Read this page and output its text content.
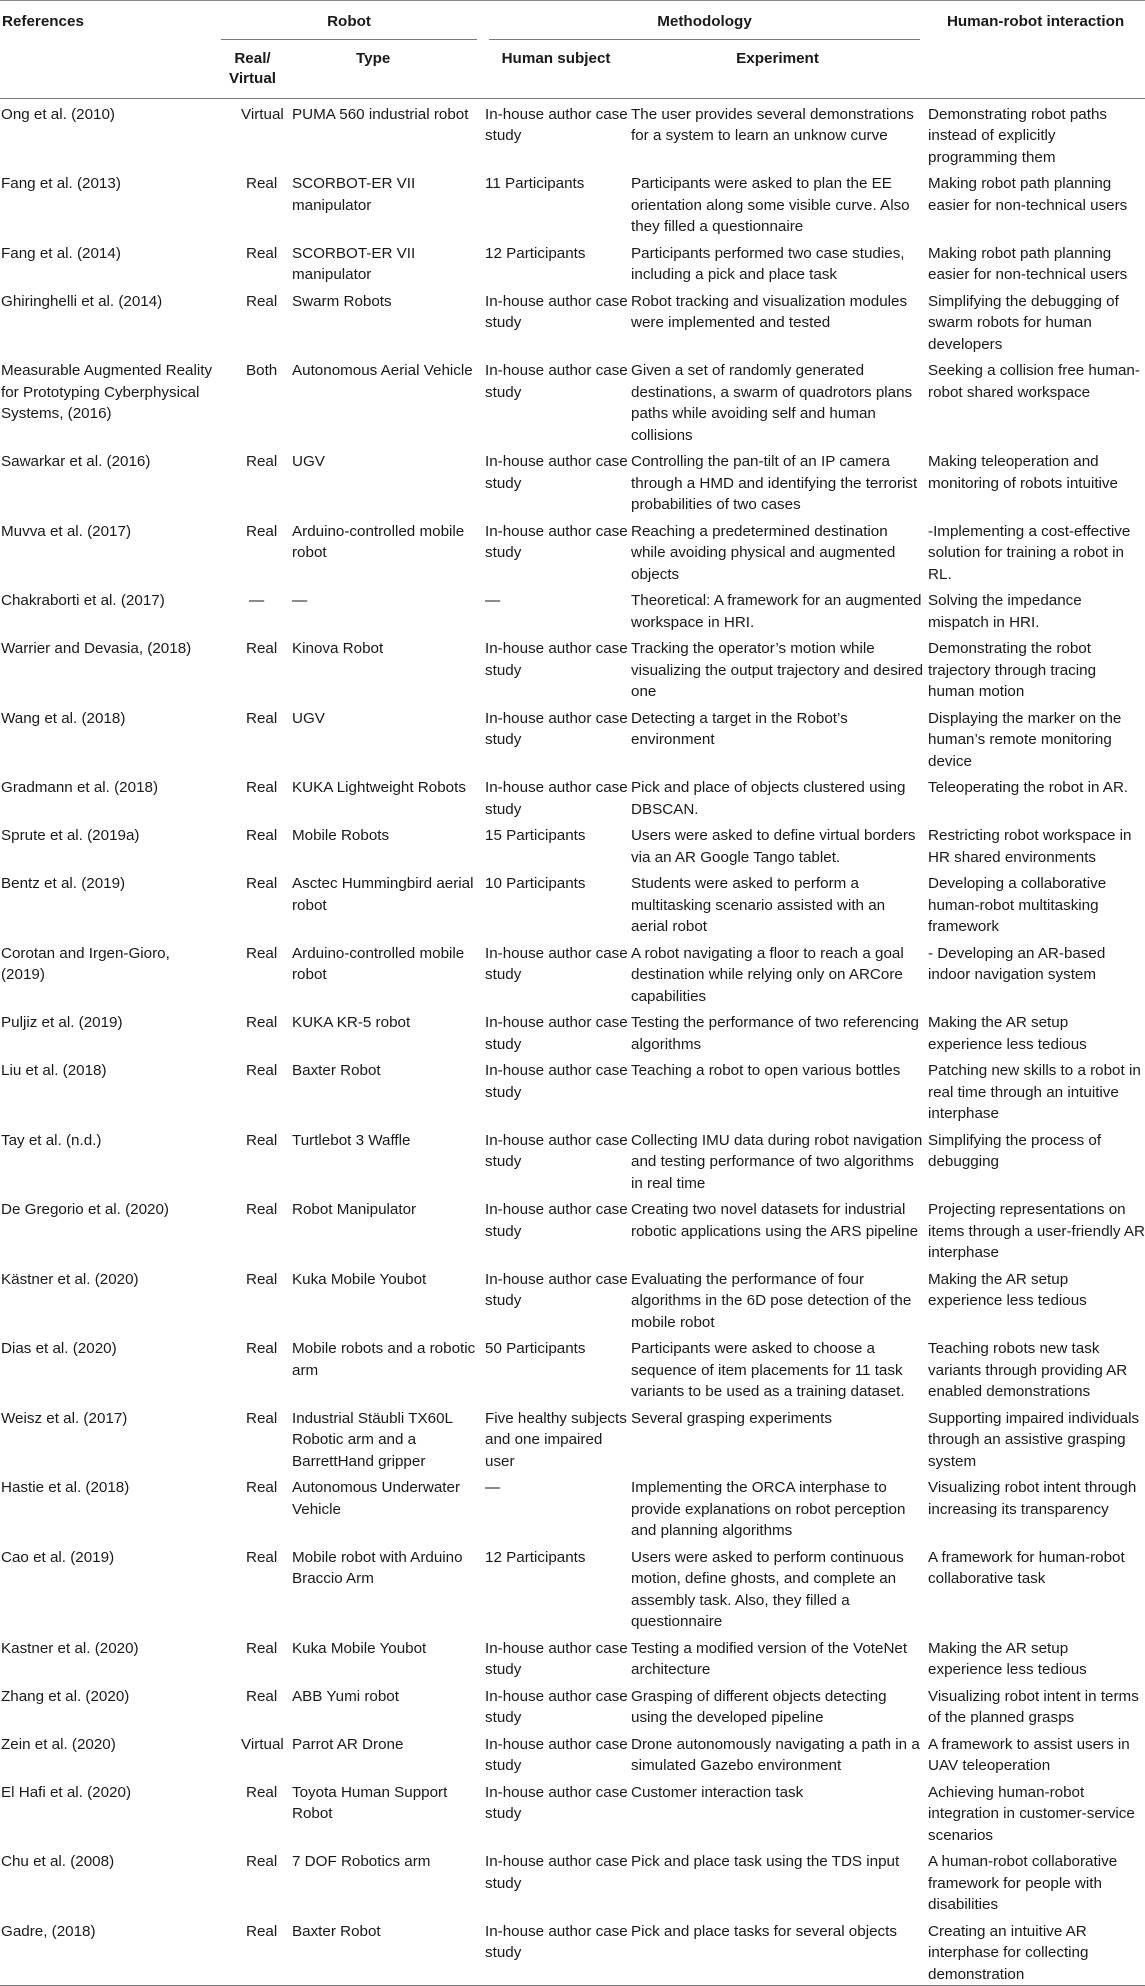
References	Robot		Methodology		Human-robot interaction
	Real/ Virtual	Type	Human subject	Experiment	
Ong et al. (2010)	Virtual	PUMA 560 industrial robot	In-house author case study	The user provides several demonstrations for a system to learn an unknow curve	Demonstrating robot paths instead of explicitly programming them
Fang et al. (2013)	Real	SCORBOT-ER VII manipulator	11 Participants	Participants were asked to plan the EE orientation along some visible curve. Also they filled a questionnaire	Making robot path planning easier for non-technical users
Fang et al. (2014)	Real	SCORBOT-ER VII manipulator	12 Participants	Participants performed two case studies, including a pick and place task	Making robot path planning easier for non-technical users
Ghiringhelli et al. (2014)	Real	Swarm Robots	In-house author case study	Robot tracking and visualization modules were implemented and tested	Simplifying the debugging of swarm robots for human developers
Measurable Augmented Reality for Prototyping Cyberphysical Systems, (2016)	Both	Autonomous Aerial Vehicle	In-house author case study	Given a set of randomly generated destinations, a swarm of quadrotors plans paths while avoiding self and human collisions	Seeking a collision free human-robot shared workspace
Sawarkar et al. (2016)	Real	UGV	In-house author case study	Controlling the pan-tilt of an IP camera through a HMD and identifying the terrorist probabilities of two cases	Making teleoperation and monitoring of robots intuitive
Muvva et al. (2017)	Real	Arduino-controlled mobile robot	In-house author case study	Reaching a predetermined destination while avoiding physical and augmented objects	-Implementing a cost-effective solution for training a robot in RL.
Chakraborti et al. (2017)	—	—	—	Theoretical: A framework for an augmented workspace in HRI.	Solving the impedance mispatch in HRI.
Warrier and Devasia, (2018)	Real	Kinova Robot	In-house author case study	Tracking the operator’s motion while visualizing the output trajectory and desired one	Demonstrating the robot trajectory through tracing human motion
Wang et al. (2018)	Real	UGV	In-house author case study	Detecting a target in the Robot’s environment	Displaying the marker on the human’s remote monitoring device
Gradmann et al. (2018)	Real	KUKA Lightweight Robots	In-house author case study	Pick and place of objects clustered using DBSCAN.	Teleoperating the robot in AR.
Sprute et al. (2019a)	Real	Mobile Robots	15 Participants	Users were asked to define virtual borders via an AR Google Tango tablet.	Restricting robot workspace in HR shared environments
Bentz et al. (2019)	Real	Asctec Hummingbird aerial robot	10 Participants	Students were asked to perform a multitasking scenario assisted with an aerial robot	Developing a collaborative human-robot multitasking framework
Corotan and Irgen-Gioro, (2019)	Real	Arduino-controlled mobile robot	In-house author case study	A robot navigating a floor to reach a goal destination while relying only on ARCore capabilities	- Developing an AR-based indoor navigation system
Puljiz et al. (2019)	Real	KUKA KR-5 robot	In-house author case study	Testing the performance of two referencing algorithms	Making the AR setup experience less tedious
Liu et al. (2018)	Real	Baxter Robot	In-house author case study	Teaching a robot to open various bottles	Patching new skills to a robot in real time through an intuitive interphase
Tay et al. (n.d.)	Real	Turtlebot 3 Waffle	In-house author case study	Collecting IMU data during robot navigation and testing performance of two algorithms in real time	Simplifying the process of debugging
De Gregorio et al. (2020)	Real	Robot Manipulator	In-house author case study	Creating two novel datasets for industrial robotic applications using the ARS pipeline	Projecting representations on items through a user-friendly AR interphase
Kästner et al. (2020)	Real	Kuka Mobile Youbot	In-house author case study	Evaluating the performance of four algorithms in the 6D pose detection of the mobile robot	Making the AR setup experience less tedious
Dias et al. (2020)	Real	Mobile robots and a robotic arm	50 Participants	Participants were asked to choose a sequence of item placements for 11 task variants to be used as a training dataset.	Teaching robots new task variants through providing AR enabled demonstrations
Weisz et al. (2017)	Real	Industrial Stäubli TX60L Robotic arm and a BarrettHand gripper	Five healthy subjects and one impaired user	Several grasping experiments	Supporting impaired individuals through an assistive grasping system
Hastie et al. (2018)	Real	Autonomous Underwater Vehicle	—	Implementing the ORCA interphase to provide explanations on robot perception and planning algorithms	Visualizing robot intent through increasing its transparency
Cao et al. (2019)	Real	Mobile robot with Arduino Braccio Arm	12 Participants	Users were asked to perform continuous motion, define ghosts, and complete an assembly task. Also, they filled a questionnaire	A framework for human-robot collaborative task
Kastner et al. (2020)	Real	Kuka Mobile Youbot	In-house author case study	Testing a modified version of the VoteNet architecture	Making the AR setup experience less tedious
Zhang et al. (2020)	Real	ABB Yumi robot	In-house author case study	Grasping of different objects detecting using the developed pipeline	Visualizing robot intent in terms of the planned grasps
Zein et al. (2020)	Virtual	Parrot AR Drone	In-house author case study	Drone autonomously navigating a path in a simulated Gazebo environment	A framework to assist users in UAV teleoperation
El Hafi et al. (2020)	Real	Toyota Human Support Robot	In-house author case study	Customer interaction task	Achieving human-robot integration in customer-service scenarios
Chu et al. (2008)	Real	7 DOF Robotics arm	In-house author case study	Pick and place task using the TDS input	A human-robot collaborative framework for people with disabilities
Gadre, (2018)	Real	Baxter Robot	In-house author case study	Pick and place tasks for several objects	Creating an intuitive AR interphase for collecting demonstration
